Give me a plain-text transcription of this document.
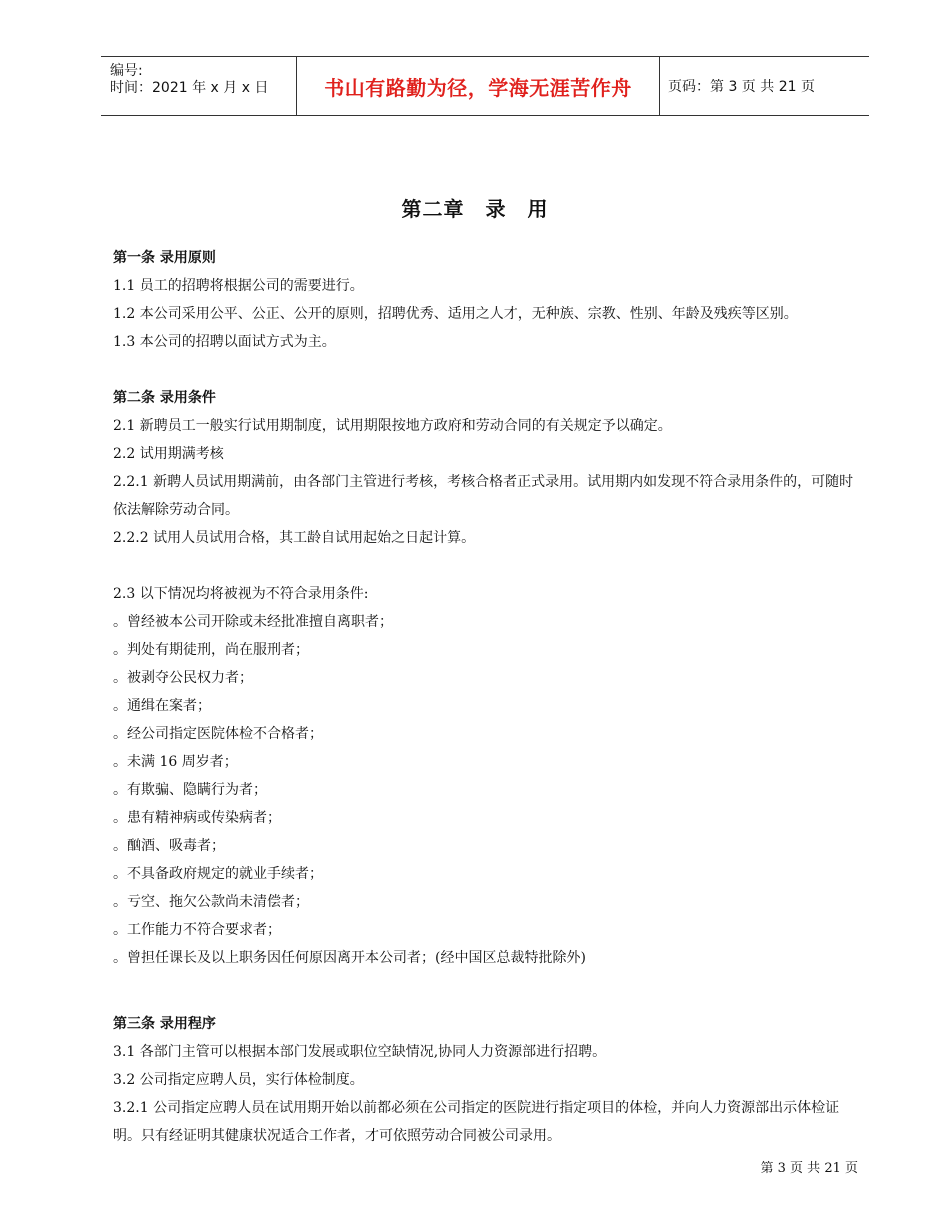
编号:
时间：2021 年 x 月 x 日	书山有路勤为径，学海无涯苦作舟	页码：第 3 页 共 21 页
第二章　录　用
第一条 录用原则
1.1 员工的招聘将根据公司的需要进行。
1.2 本公司采用公平、公正、公开的原则，招聘优秀、适用之人才，无种族、宗教、性别、年龄及残疾等区别。
1.3 本公司的招聘以面试方式为主。
第二条 录用条件
2.1 新聘员工一般实行试用期制度，试用期限按地方政府和劳动合同的有关规定予以确定。
2.2 试用期满考核
2.2.1 新聘人员试用期满前，由各部门主管进行考核，考核合格者正式录用。试用期内如发现不符合录用条件的，可随时依法解除劳动合同。
2.2.2 试用人员试用合格，其工龄自试用起始之日起计算。
2.3 以下情况均将被视为不符合录用条件:
。曾经被本公司开除或未经批准擅自离职者；
。判处有期徒刑，尚在服刑者；
。被剥夺公民权力者；
。通缉在案者；
。经公司指定医院体检不合格者；
。未满 16 周岁者；
。有欺骗、隐瞒行为者；
。患有精神病或传染病者；
。酗酒、吸毒者；
。不具备政府规定的就业手续者；
。亏空、拖欠公款尚未清偿者；
。工作能力不符合要求者；
。曾担任课长及以上职务因任何原因离开本公司者；(经中国区总裁特批除外)
第三条 录用程序
3.1 各部门主管可以根据本部门发展或职位空缺情况,协同人力资源部进行招聘。
3.2 公司指定应聘人员，实行体检制度。
3.2.1 公司指定应聘人员在试用期开始以前都必须在公司指定的医院进行指定项目的体检，并向人力资源部出示体检证明。只有经证明其健康状况适合工作者，才可依照劳动合同被公司录用。
第 3 页 共 21 页
